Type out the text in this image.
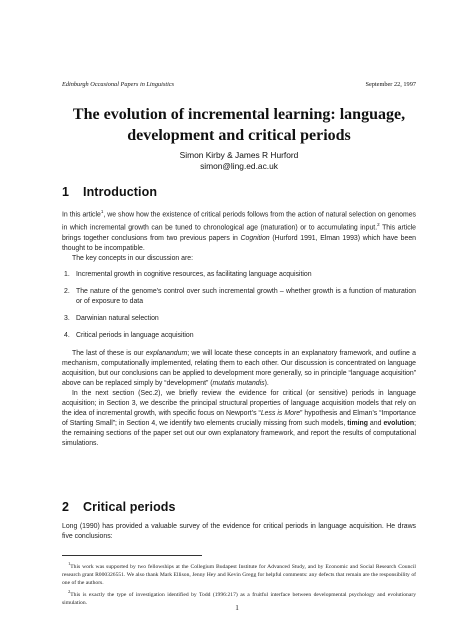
Edinburgh Occasional Papers in Linguistics	September 22, 1997
The evolution of incremental learning: language,
development and critical periods
Simon Kirby & James R Hurford
simon@ling.ed.ac.uk
1 Introduction

In this article$^1$, we show how the existence of critical periods follows from the action of natural selection on genomes in which incremental growth can be tuned to chronological age (maturation) or to accumulating input.$^2$ This article brings together conclusions from two previous papers in Cognition (Hurford 1991, Elman 1993) which have been thought to be incompatible.

The key concepts in our discussion are:

1. Incremental growth in cognitive resources, as facilitating language acquisition
2. The nature of the genome's control over such incremental growth – whether growth is a function of maturation or of exposure to data
3. Darwinian natural selection
4. Critical periods in language acquisition

The last of these is our explanandum; we will locate these concepts in an explanatory framework, and outline a mechanism, computationally implemented, relating them to each other. Our discussion is concentrated on language acquisition, but our conclusions can be applied to development more generally, so in principle “language acquisition” above can be replaced simply by “development” (mutatis mutandis).

In the next section (Sec.2), we briefly review the evidence for critical (or sensitive) periods in language acquisition; in Section 3, we describe the principal structural properties of language acquisition models that rely on the idea of incremental growth, with specific focus on Newport’s “Less is More” hypothesis and Elman’s “Importance of Starting Small”; in Section 4, we identify two elements crucially missing from such models, timing and evolution; the remaining sections of the paper set out our own explanatory framework, and report the results of computational simulations.

2 Critical periods

Long (1990) has provided a valuable survey of the evidence for critical periods in language acquisition. He draws five conclusions:

$^1$This work was supported by two fellowships at the Collegium Budapest Institute for Advanced Study, and by Economic and Social Research Council research grant R000326551. We also thank Mark Ellison, Jenny Hey and Kevin Gregg for helpful comments: any defects that remain are the responsibility of one of the authors.

$^2$This is exactly the type of investigation identified by Todd (1996:217) as a fruitful interface between developmental psychology and evolutionary simulation.

1
